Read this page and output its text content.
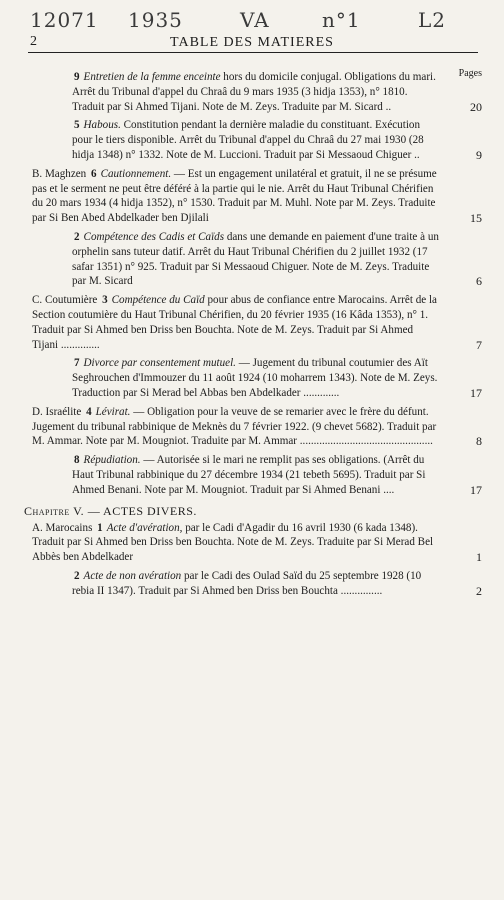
12071 1935	VA	n°1	L2
2	TABLE DES MATIERES
Pages
9 Entretien de la femme enceinte hors du domicile conjugal. Obligations du mari. Arrêt du Tribunal d'appel du Chraâ du 9 mars 1935 (3 hidja 1353), n° 1810. Traduit par Si Ahmed Tijani. Note de M. Zeys. Traduite par M. Sicard ..	20
5 Habous. Constitution pendant la dernière maladie du constituant. Exécution pour le tiers disponible. Arrêt du Tribunal d'appel du Chraâ du 27 mai 1930 (28 hidja 1348) n° 1332. Note de M. Luccioni. Traduit par Si Messaoud Chiguer ..	9
B. Maghzen 6 Cautionnement. — Est un engagement unilatéral et gratuit, il ne se présume pas et le serment ne peut être déféré à la partie qui le nie. Arrêt du Haut Tribunal Chérifien du 20 mars 1934 (4 hidja 1352), n° 1530. Traduit par M. Muhl. Note par M. Zeys. Traduite par Si Ben Abed Abdelkader ben Djilali	15
2 Compétence des Cadis et Caïds dans une demande en paiement d'une traite à un orphelin sans tuteur datif. Arrêt du Haut Tribunal Chérifien du 2 juillet 1932 (17 safar 1351) n° 925. Traduit par Si Messaoud Chiguer. Note de M. Zeys. Traduite par M. Sicard	6
C. Coutumière 3 Compétence du Caïd pour abus de confiance entre Marocains. Arrêt de la Section coutumière du Haut Tribunal Chérifien, du 20 février 1935 (16 Kâda 1353), n° 1. Traduit par Si Ahmed ben Driss ben Bouchta. Note de M. Zeys. Traduit par Si Ahmed Tijani ..............	7
7 Divorce par consentement mutuel. — Jugement du tribunal coutumier des Aït Seghrouchen d'Immouzer du 11 août 1924 (10 moharrem 1343). Note de M. Zeys. Traduction par Si Merad bel Abbas ben Abdelkader .............	17
D. Israélite 4 Lévirat. — Obligation pour la veuve de se remarier avec le frère du défunt. Jugement du tribunal rabbinique de Meknès du 7 février 1922. (9 chevet 5682). Traduit par M. Ammar. Note par M. Mougniot. Traduite par M. Ammar ................................................	8
8 Répudiation. — Autorisée si le mari ne remplit pas ses obligations. (Arrêt du Haut Tribunal rabbinique du 27 décembre 1934 (21 tebeth 5695). Traduit par Si Ahmed Benani. Note par M. Mougniot. Traduit par Si Ahmed Benani ....	17
Chapitre V. — ACTES DIVERS.
A. Marocains 1 Acte d'avération, par le Cadi d'Agadir du 16 avril 1930 (6 kada 1348). Traduit par Si Ahmed ben Driss ben Bouchta. Note de M. Zeys. Traduite par Si Merad Bel Abbès ben Abdelkader	1
2 Acte de non avération par le Cadi des Oulad Saïd du 25 septembre 1928 (10 rebia II 1347). Traduit par Si Ahmed ben Driss ben Bouchta ...............	2
